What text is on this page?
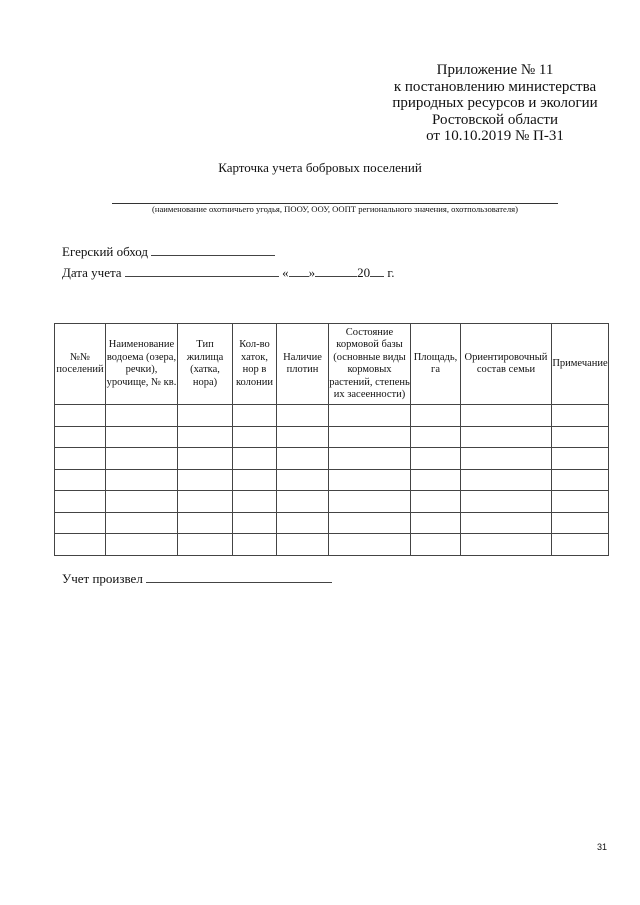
Приложение № 11
к постановлению министерства
природных ресурсов и экологии
Ростовской области
от 10.10.2019 № П-31
Карточка учета бобровых поселений
(наименование охотничьего угодья, ПООУ, ООУ, ООПТ регионального значения, охотпользователя)
Егерский обход
Дата учета	« »	20 г.
№№ поселений	Наименование водоема (озера, речки), урочище, № кв.	Тип жилища (хатка, нора)	Кол-во хаток, нор в колонии	Наличие плотин	Состояние кормовой базы (основные виды кормовых растений, степень их засеенности)	Площадь, га	Ориентировочный состав семьи	Примечание

Учет произвел
31
